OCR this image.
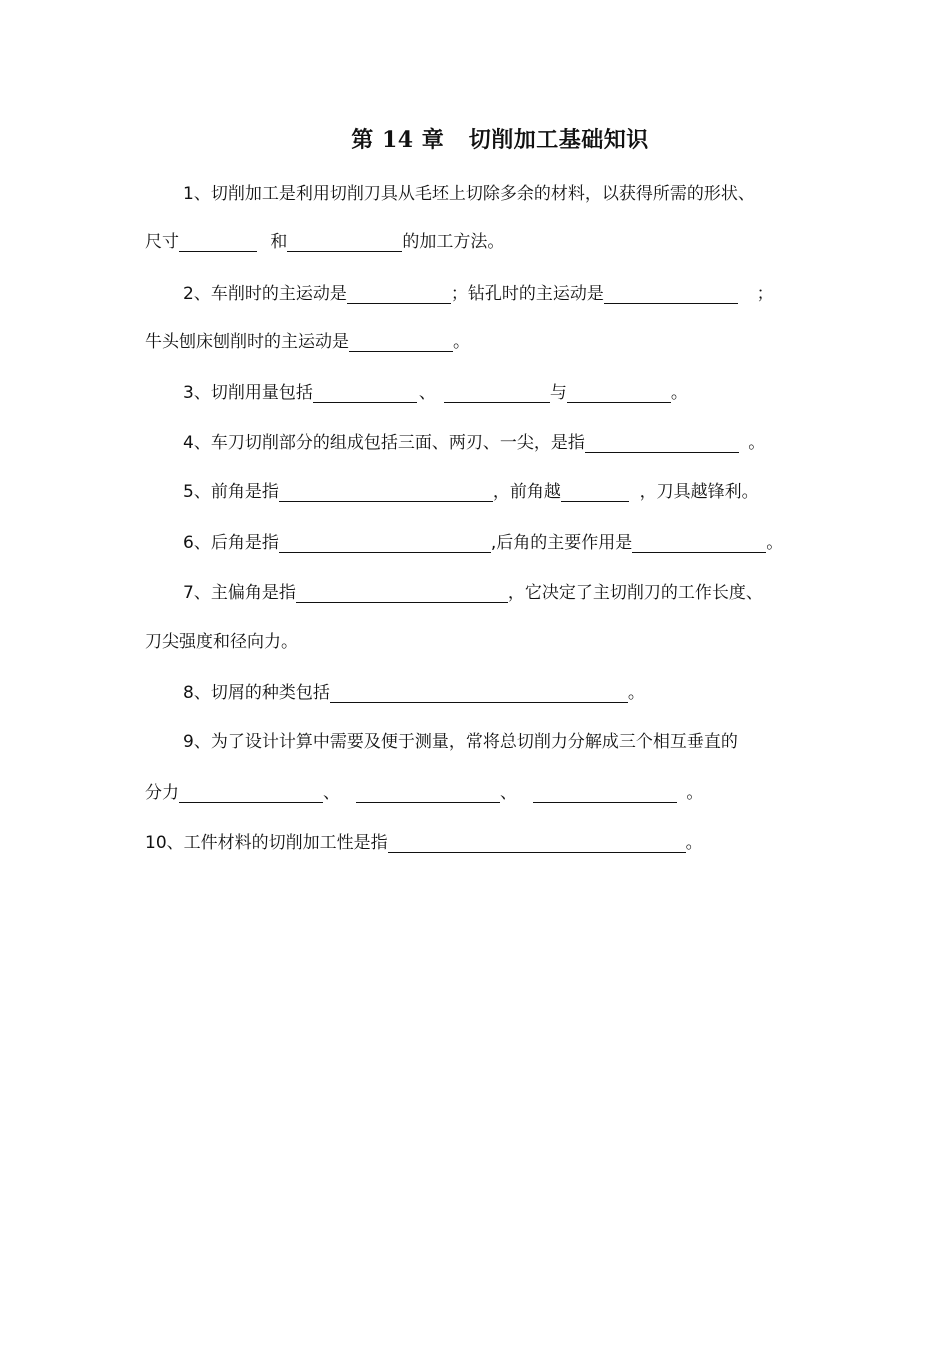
第 14 章   切削加工基础知识
1、切削加工是利用切削刀具从毛坯上切除多余的材料，以获得所需的形状、
尺寸	和	的加工方法。
2、车削时的主运动是	；钻孔时的主运动是	；
牛头刨床刨削时的主运动是	。
3、切削用量包括	、	与	。
4、车刀切削部分的组成包括三面、两刃、一尖，是指	。
5、前角是指	，前角越	，刀具越锋利。
6、后角是指	,后角的主要作用是	。
7、主偏角是指	，它决定了主切削刀的工作长度、
刀尖强度和径向力。
8、切屑的种类包括	。
9、为了设计计算中需要及便于测量，常将总切削力分解成三个相互垂直的
分力	、	、	。
10、工件材料的切削加工性是指	。
